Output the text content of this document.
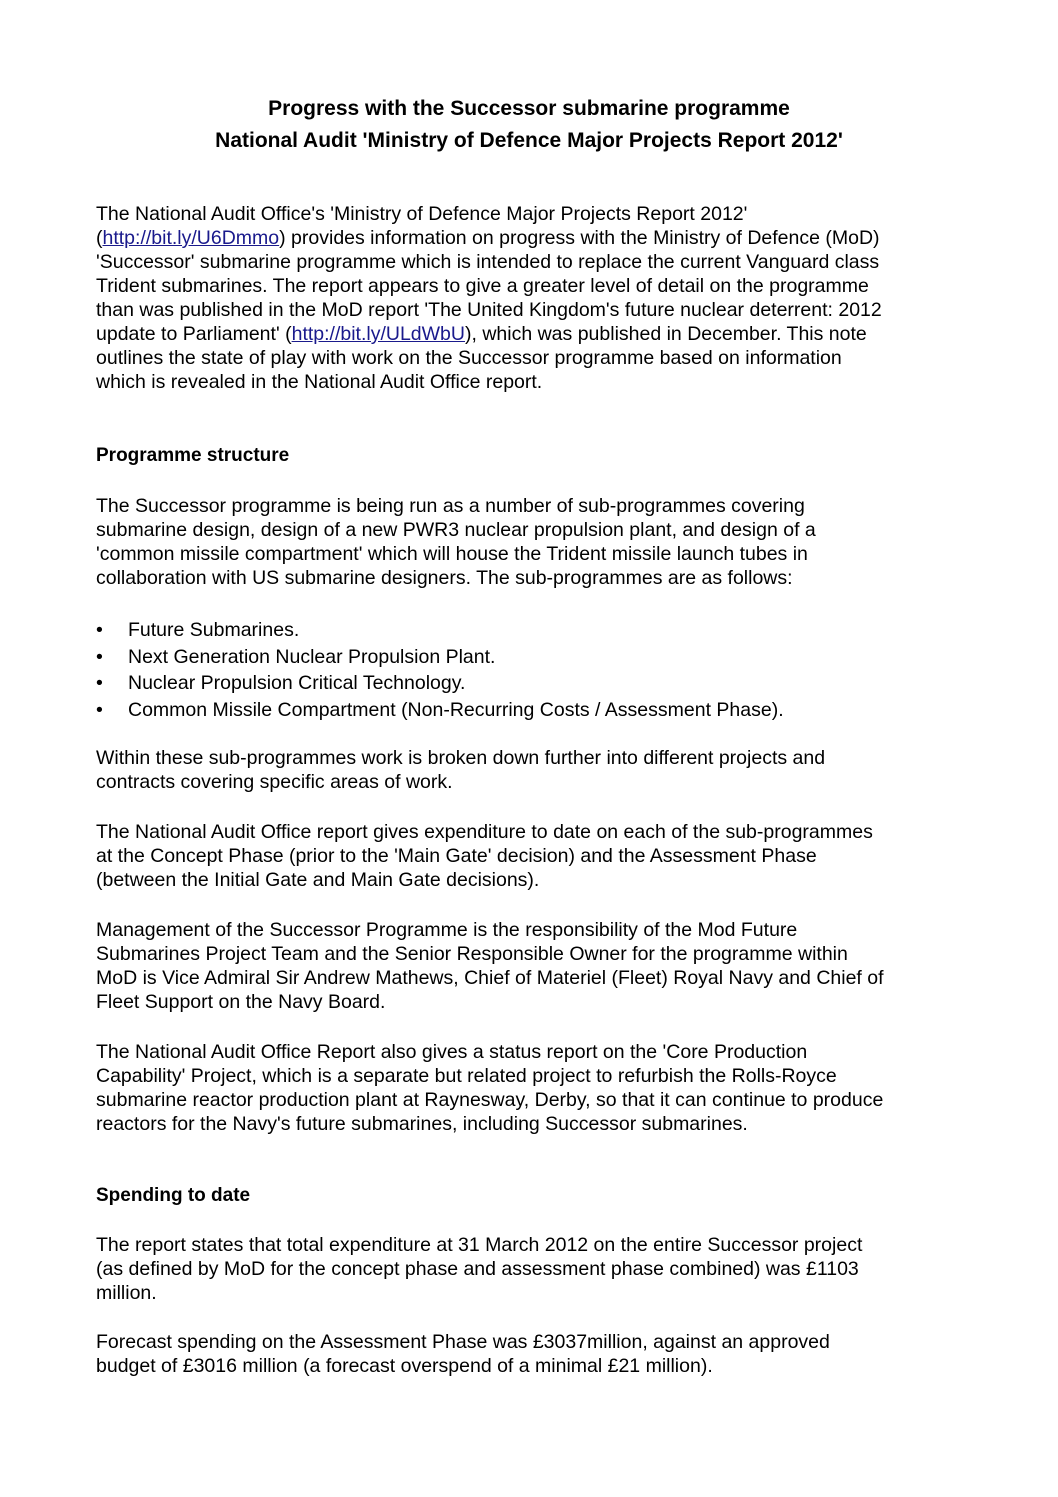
Progress with the Successor submarine programme
National Audit 'Ministry of Defence Major Projects Report 2012'

The National Audit Office's 'Ministry of Defence Major Projects Report 2012'

(http://bit.ly/U6Dmmo) provides information on progress with the Ministry of Defence (MoD)

'Successor' submarine programme which is intended to replace the current Vanguard class

Trident submarines. The report appears to give a greater level of detail on the programme

than was published in the MoD report 'The United Kingdom's future nuclear deterrent: 2012

update to Parliament' (http://bit.ly/ULdWbU), which was published in December. This note

outlines the state of play with work on the Successor programme based on information

which is revealed in the National Audit Office report.

Programme structure

The Successor programme is being run as a number of sub-programmes covering

submarine design, design of a new PWR3 nuclear propulsion plant, and design of a

'common missile compartment' which will house the Trident missile launch tubes in

collaboration with US submarine designers. The sub-programmes are as follows:

• Future Submarines.
• Next Generation Nuclear Propulsion Plant.
• Nuclear Propulsion Critical Technology.
• Common Missile Compartment (Non-Recurring Costs / Assessment Phase).

Within these sub-programmes work is broken down further into different projects and

contracts covering specific areas of work.

The National Audit Office report gives expenditure to date on each of the sub-programmes

at the Concept Phase (prior to the 'Main Gate' decision) and the Assessment Phase

(between the Initial Gate and Main Gate decisions).

Management of the Successor Programme is the responsibility of the Mod Future

Submarines Project Team and the Senior Responsible Owner for the programme within

MoD is Vice Admiral Sir Andrew Mathews, Chief of Materiel (Fleet) Royal Navy and Chief of

Fleet Support on the Navy Board.

The National Audit Office Report also gives a status report on the 'Core Production

Capability' Project, which is a separate but related project to refurbish the Rolls-Royce

submarine reactor production plant at Raynesway, Derby, so that it can continue to produce

reactors for the Navy's future submarines, including Successor submarines.

Spending to date

The report states that total expenditure at 31 March 2012 on the entire Successor project

(as defined by MoD for the concept phase and assessment phase combined) was £1103

million.

Forecast spending on the Assessment Phase was £3037million, against an approved

budget of £3016 million (a forecast overspend of a minimal £21 million).
